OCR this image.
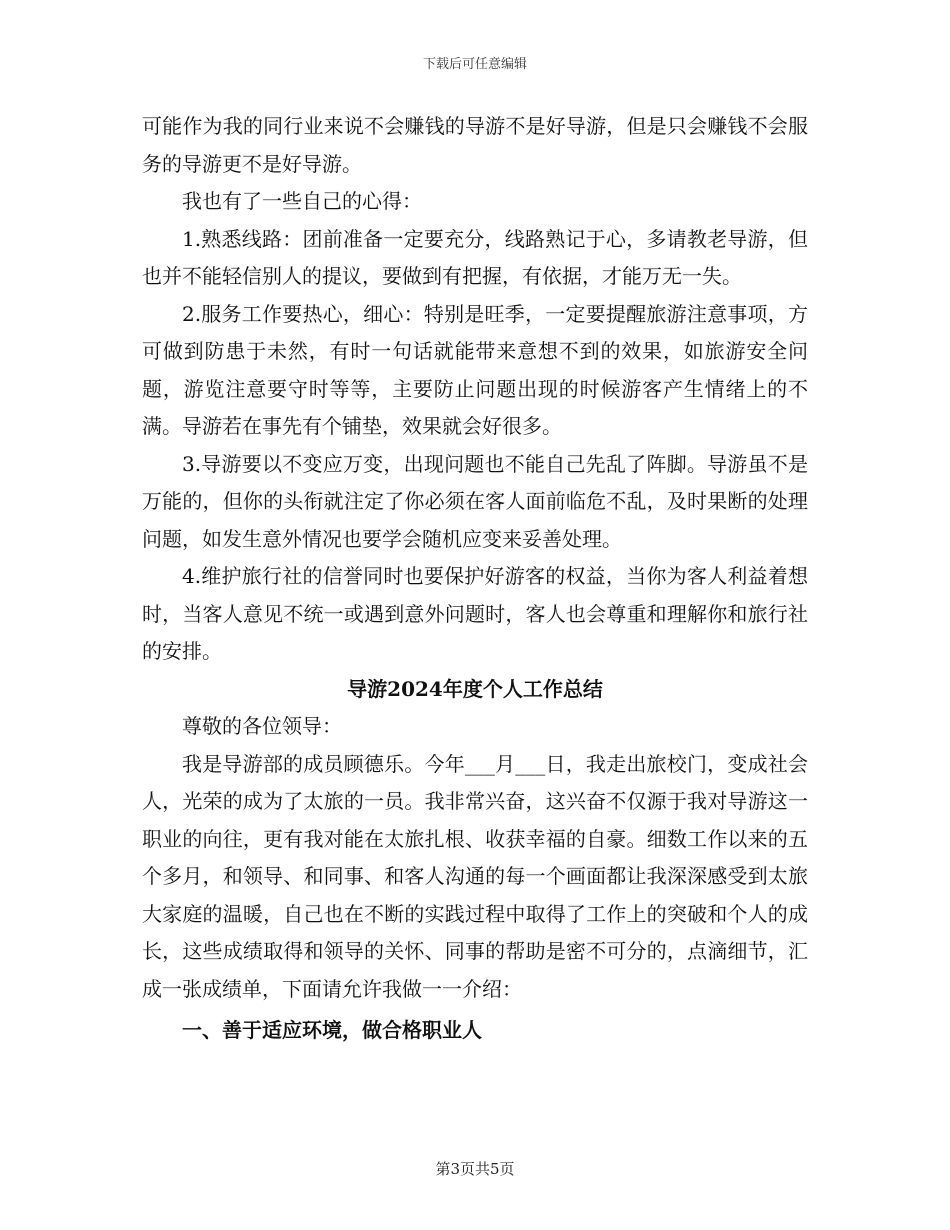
下载后可任意编辑

可能作为我的同行业来说不会赚钱的导游不是好导游，但是只会赚钱不会服务的导游更不是好导游。

我也有了一些自己的心得：

1.熟悉线路：团前准备一定要充分，线路熟记于心，多请教老导游，但也并不能轻信别人的提议，要做到有把握，有依据，才能万无一失。

2.服务工作要热心，细心：特别是旺季，一定要提醒旅游注意事项，方可做到防患于未然，有时一句话就能带来意想不到的效果，如旅游安全问题，游览注意要守时等等，主要防止问题出现的时候游客产生情绪上的不满。导游若在事先有个铺垫，效果就会好很多。

3.导游要以不变应万变，出现问题也不能自己先乱了阵脚。导游虽不是万能的，但你的头衔就注定了你必须在客人面前临危不乱，及时果断的处理问题，如发生意外情况也要学会随机应变来妥善处理。

4.维护旅行社的信誉同时也要保护好游客的权益，当你为客人利益着想时，当客人意见不统一或遇到意外问题时，客人也会尊重和理解你和旅行社的安排。

导游2024年度个人工作总结

尊敬的各位领导：

我是导游部的成员顾德乐。今年___月___日，我走出旅校门，变成社会人，光荣的成为了太旅的一员。我非常兴奋，这兴奋不仅源于我对导游这一职业的向往，更有我对能在太旅扎根、收获幸福的自豪。细数工作以来的五个多月，和领导、和同事、和客人沟通的每一个画面都让我深深感受到太旅大家庭的温暖，自己也在不断的实践过程中取得了工作上的突破和个人的成长，这些成绩取得和领导的关怀、同事的帮助是密不可分的，点滴细节，汇成一张成绩单，下面请允许我做一一介绍：

一、善于适应环境，做合格职业人

第3页共5页
